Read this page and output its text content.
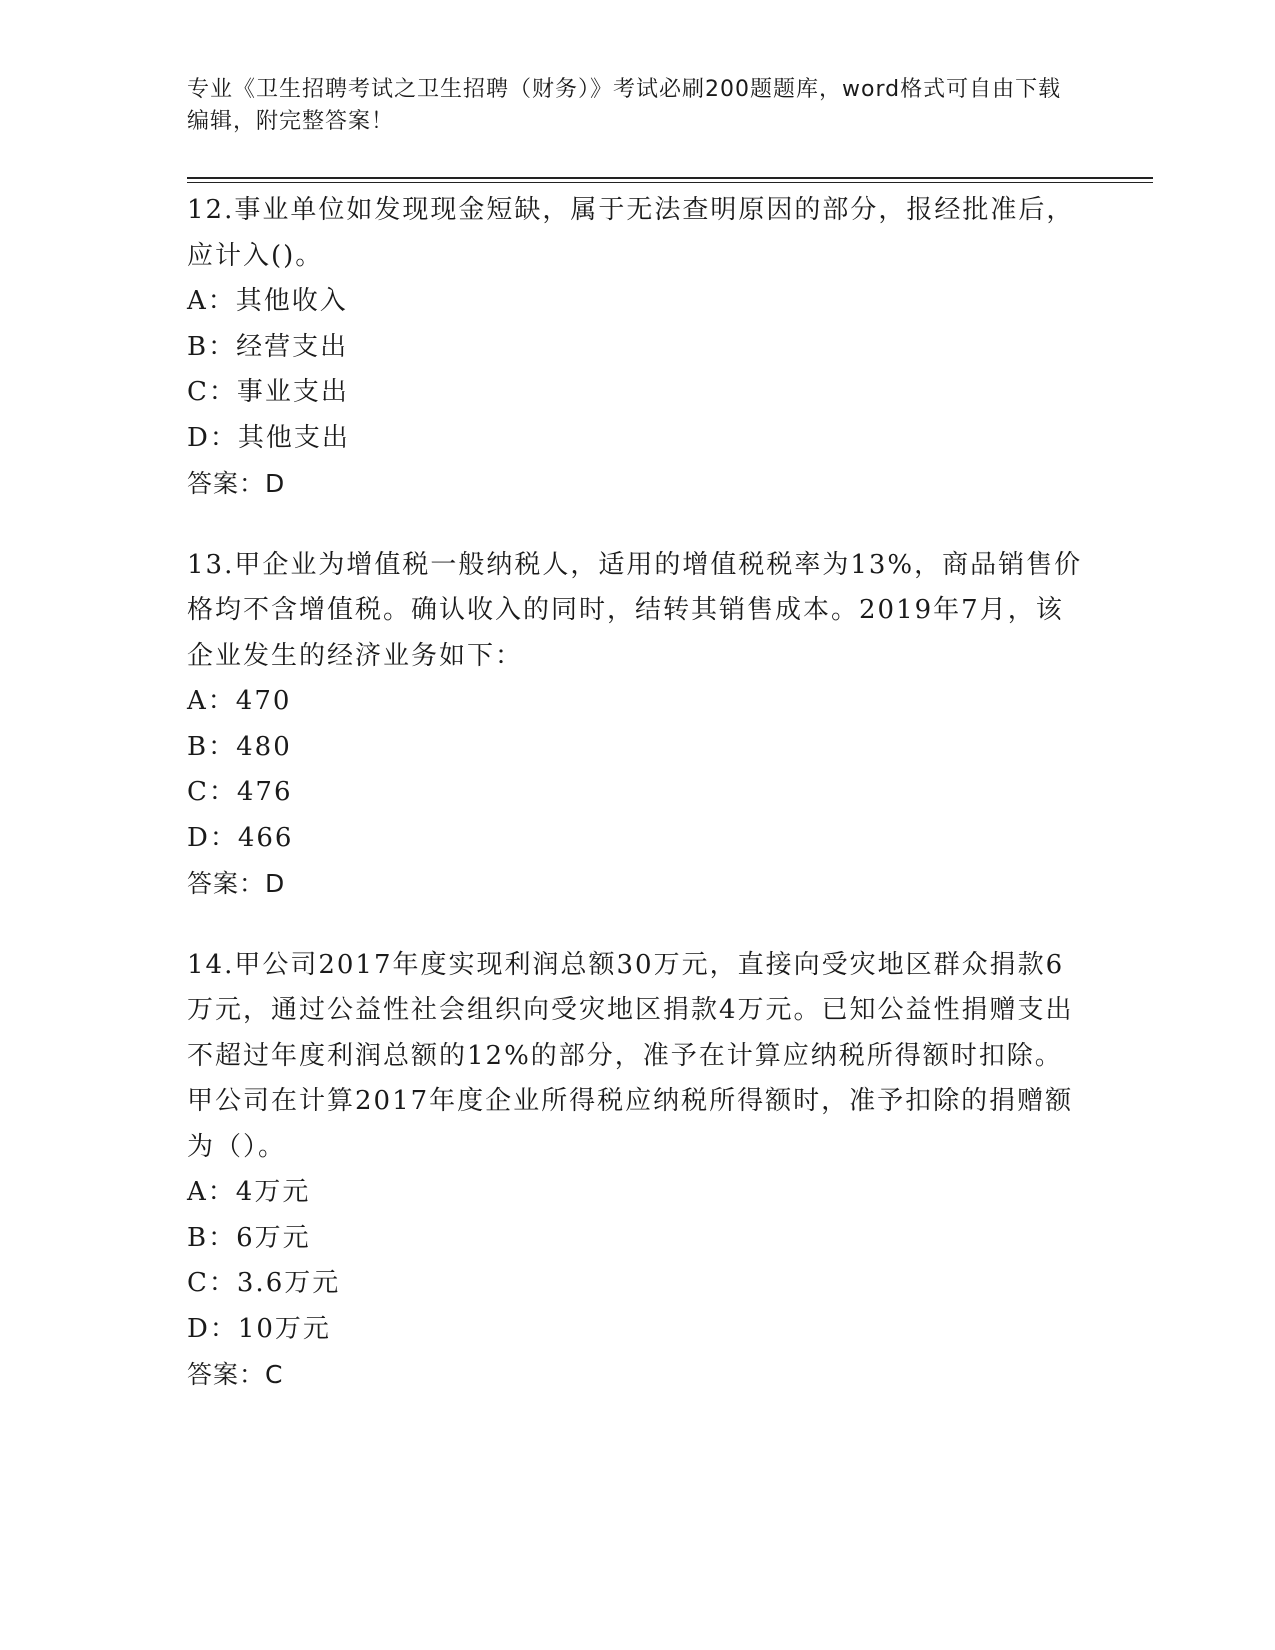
专业《卫生招聘考试之卫生招聘（财务）》考试必刷200题题库，word格式可自由下载编辑，附完整答案！
12.事业单位如发现现金短缺，属于无法查明原因的部分，报经批准后，应计入()。
A：其他收入
B：经营支出
C：事业支出
D：其他支出
答案：D
13.甲企业为增值税一般纳税人，适用的增值税税率为13%，商品销售价格均不含增值税。确认收入的同时，结转其销售成本。2019年7月，该企业发生的经济业务如下：
A：470
B：480
C：476
D：466
答案：D
14.甲公司2017年度实现利润总额30万元，直接向受灾地区群众捐款6万元，通过公益性社会组织向受灾地区捐款4万元。已知公益性捐赠支出不超过年度利润总额的12%的部分，准予在计算应纳税所得额时扣除。甲公司在计算2017年度企业所得税应纳税所得额时，准予扣除的捐赠额为（）。
A：4万元
B：6万元
C：3.6万元
D：10万元
答案：C
